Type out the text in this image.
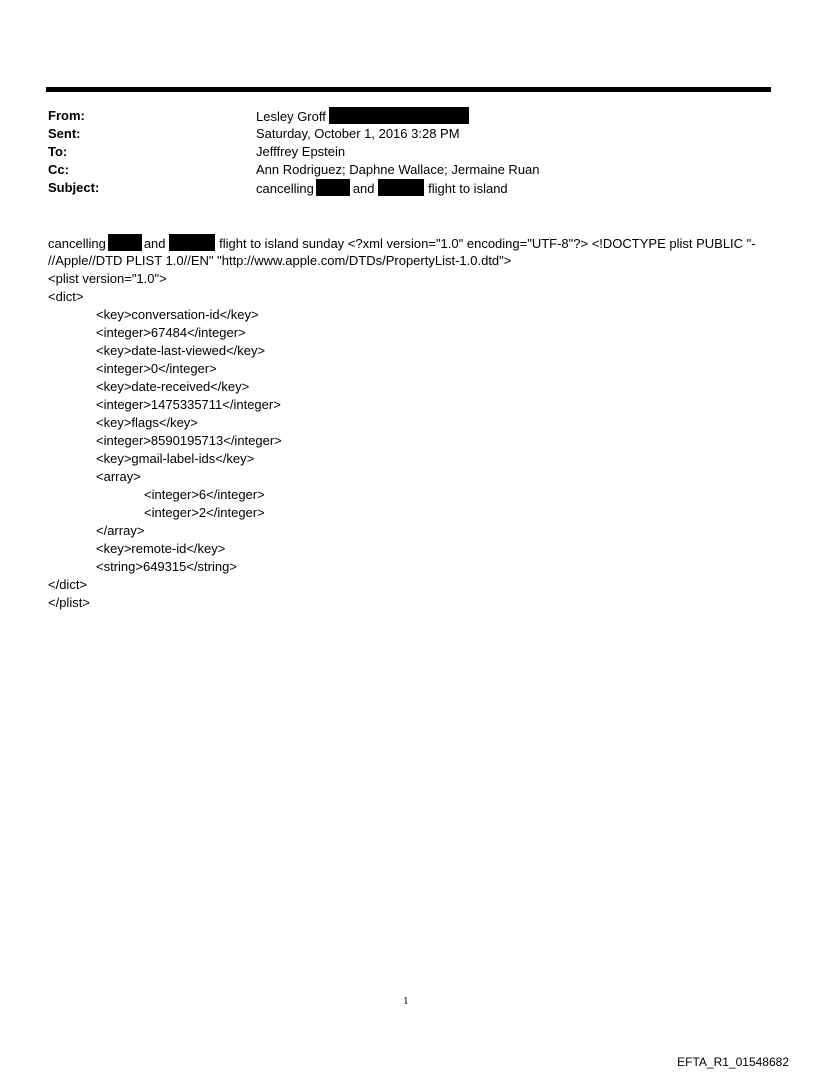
From:	Lesley Groff
Sent:	Saturday, October 1, 2016 3:28 PM
To:	Jefffrey Epstein
Cc:	Ann Rodriguez; Daphne Wallace; Jermaine Ruan
Subject:	cancelling	and	flight to island
cancelling	and	flight to island sunday <?xml version="1.0" encoding="UTF-8"?> <!DOCTYPE plist PUBLIC "-
//Apple//DTD PLIST 1.0//EN" "http://www.apple.com/DTDs/PropertyList-1.0.dtd">
<plist version="1.0">
<dict>
<key>conversation-id</key>
<integer>67484</integer>
<key>date-last-viewed</key>
<integer>0</integer>
<key>date-received</key>
<integer>1475335711</integer>
<key>flags</key>
<integer>8590195713</integer>
<key>gmail-label-ids</key>
<array>
<integer>6</integer>
<integer>2</integer>
</array>
<key>remote-id</key>
<string>649315</string>
</dict>
</plist>
1
EFTA_R1_01548682
